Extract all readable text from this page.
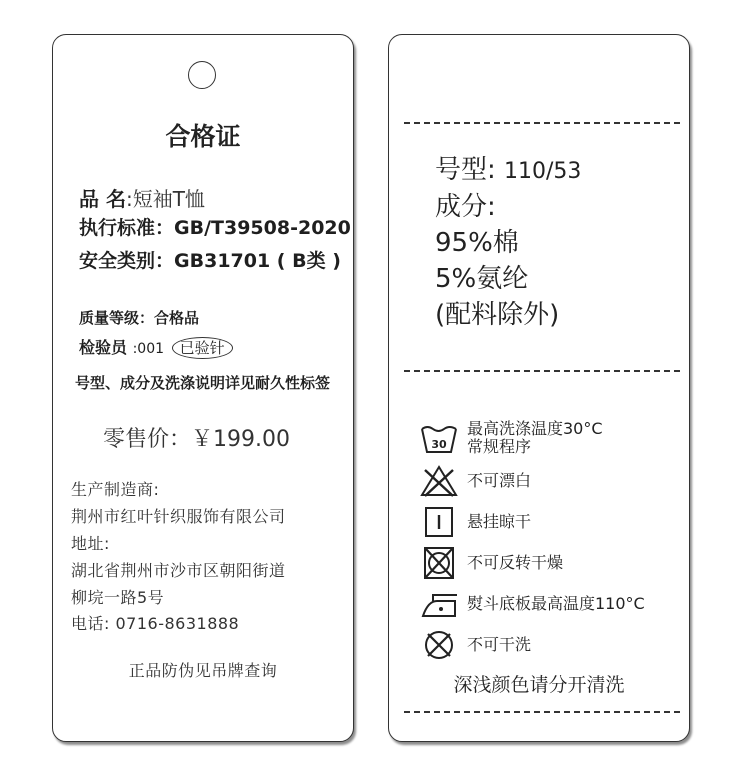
合格证
品 名:短袖T恤
执行标准：GB/T39508-2020
安全类别：GB31701 ( B类 )
质量等级：合格品
检验员 :001 已验针
号型、成分及洗涤说明详见耐久性标签
零售价：￥199.00
生产制造商:
荆州市红叶针织服饰有限公司
地址:
湖北省荆州市沙市区朝阳街道
柳垸一路5号
电话: 0716-8631888
正品防伪见吊牌查询
号型: 110/53
成分:
95%棉
5%氨纶
(配料除外)
30
最高洗涤温度30°C
常规程序
不可漂白
悬挂晾干
不可反转干燥
熨斗底板最高温度110°C
不可干洗
深浅颜色请分开清洗
